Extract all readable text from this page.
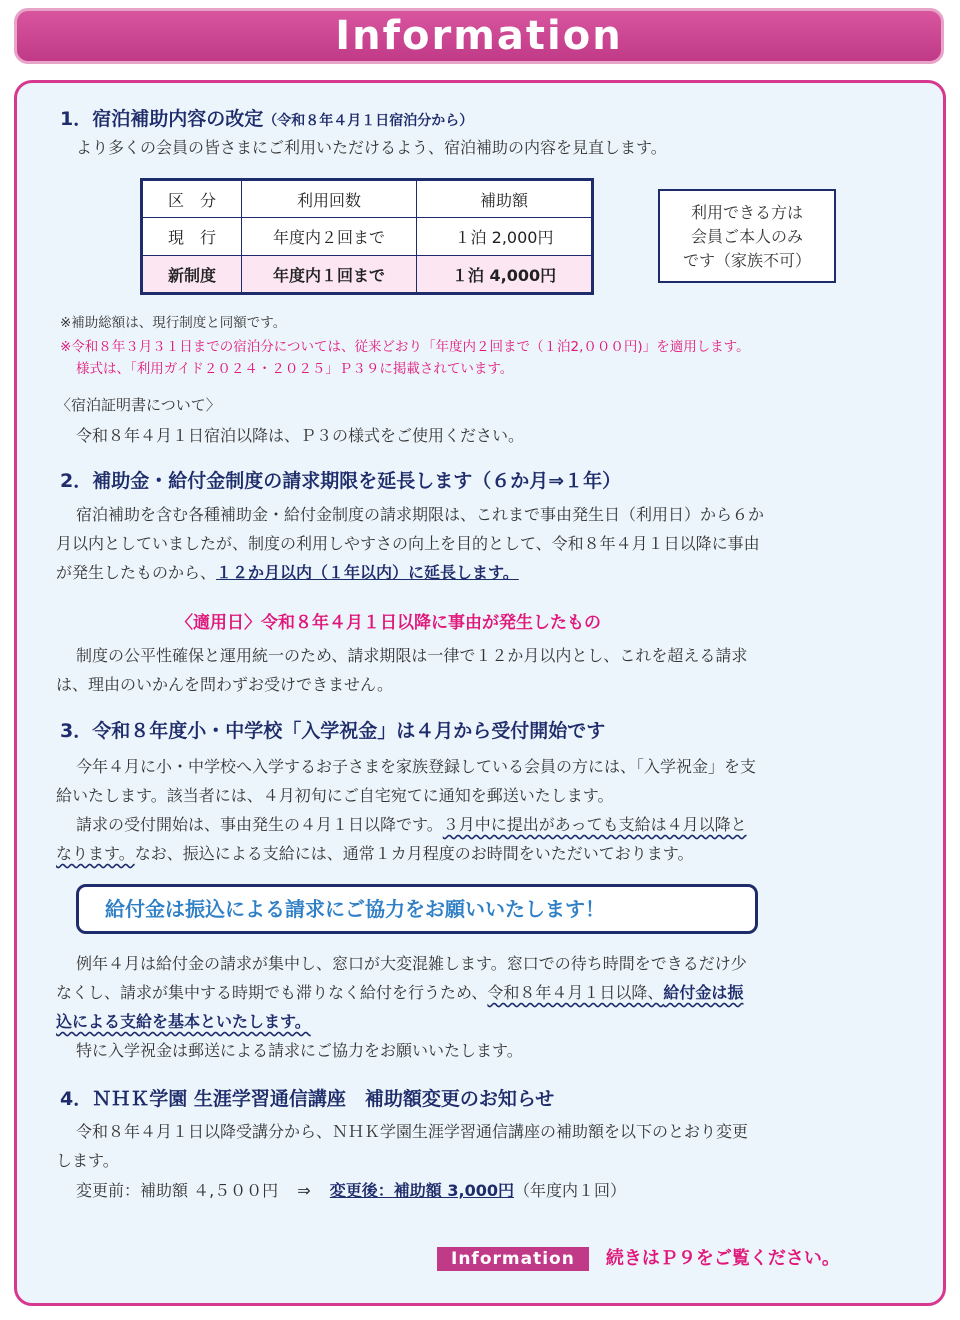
Information
1．宿泊補助内容の改定（令和８年４月１日宿泊分から）
より多くの会員の皆さまにご利用いただけるよう、宿泊補助の内容を見直します。
区　分	利用回数	補助額
現　行	年度内２回まで	１泊 2,000円
新制度	年度内１回まで	１泊 4,000円
利用できる方は
会員ご本人のみ
です（家族不可）
※補助総額は、現行制度と同額です。
※令和８年３月３１日までの宿泊分については、従来どおり「年度内２回まで（１泊2,０００円)」を適用します。
様式は、「利用ガイド２０２４・２０２５」Ｐ３９に掲載されています。
〈宿泊証明書について〉
令和８年４月１日宿泊以降は、Ｐ３の様式をご使用ください。
2．補助金・給付金制度の請求期限を延長します（６か月⇒１年）
宿泊補助を含む各種補助金・給付金制度の請求期限は、これまで事由発生日（利用日）から６か
月以内としていましたが、制度の利用しやすさの向上を目的として、令和８年４月１日以降に事由
が発生したものから、１２か月以内（１年以内）に延長します。
〈適用日〉令和８年４月１日以降に事由が発生したもの
制度の公平性確保と運用統一のため、請求期限は一律で１２か月以内とし、これを超える請求
は、理由のいかんを問わずお受けできません。
3．令和８年度小・中学校「入学祝金」は４月から受付開始です
今年４月に小・中学校へ入学するお子さまを家族登録している会員の方には、「入学祝金」を支
給いたします。該当者には、４月初旬にご自宅宛てに通知を郵送いたします。
請求の受付開始は、事由発生の４月１日以降です。３月中に提出があっても支給は４月以降と
なります。なお、振込による支給には、通常１カ月程度のお時間をいただいております。
給付金は振込による請求にご協力をお願いいたします！
例年４月は給付金の請求が集中し、窓口が大変混雑します。窓口での待ち時間をできるだけ少
なくし、請求が集中する時期でも滞りなく給付を行うため、令和８年４月１日以降、給付金は振
込による支給を基本といたします。
特に入学祝金は郵送による請求にご協力をお願いいたします。
4．ＮＨＫ学園 生涯学習通信講座　補助額変更のお知らせ
令和８年４月１日以降受講分から、ＮＨＫ学園生涯学習通信講座の補助額を以下のとおり変更
します。
変更前：補助額 ４,５００円 ⇒ 変更後：補助額 3,000円（年度内１回）
Information 続きはＰ９をご覧ください。
